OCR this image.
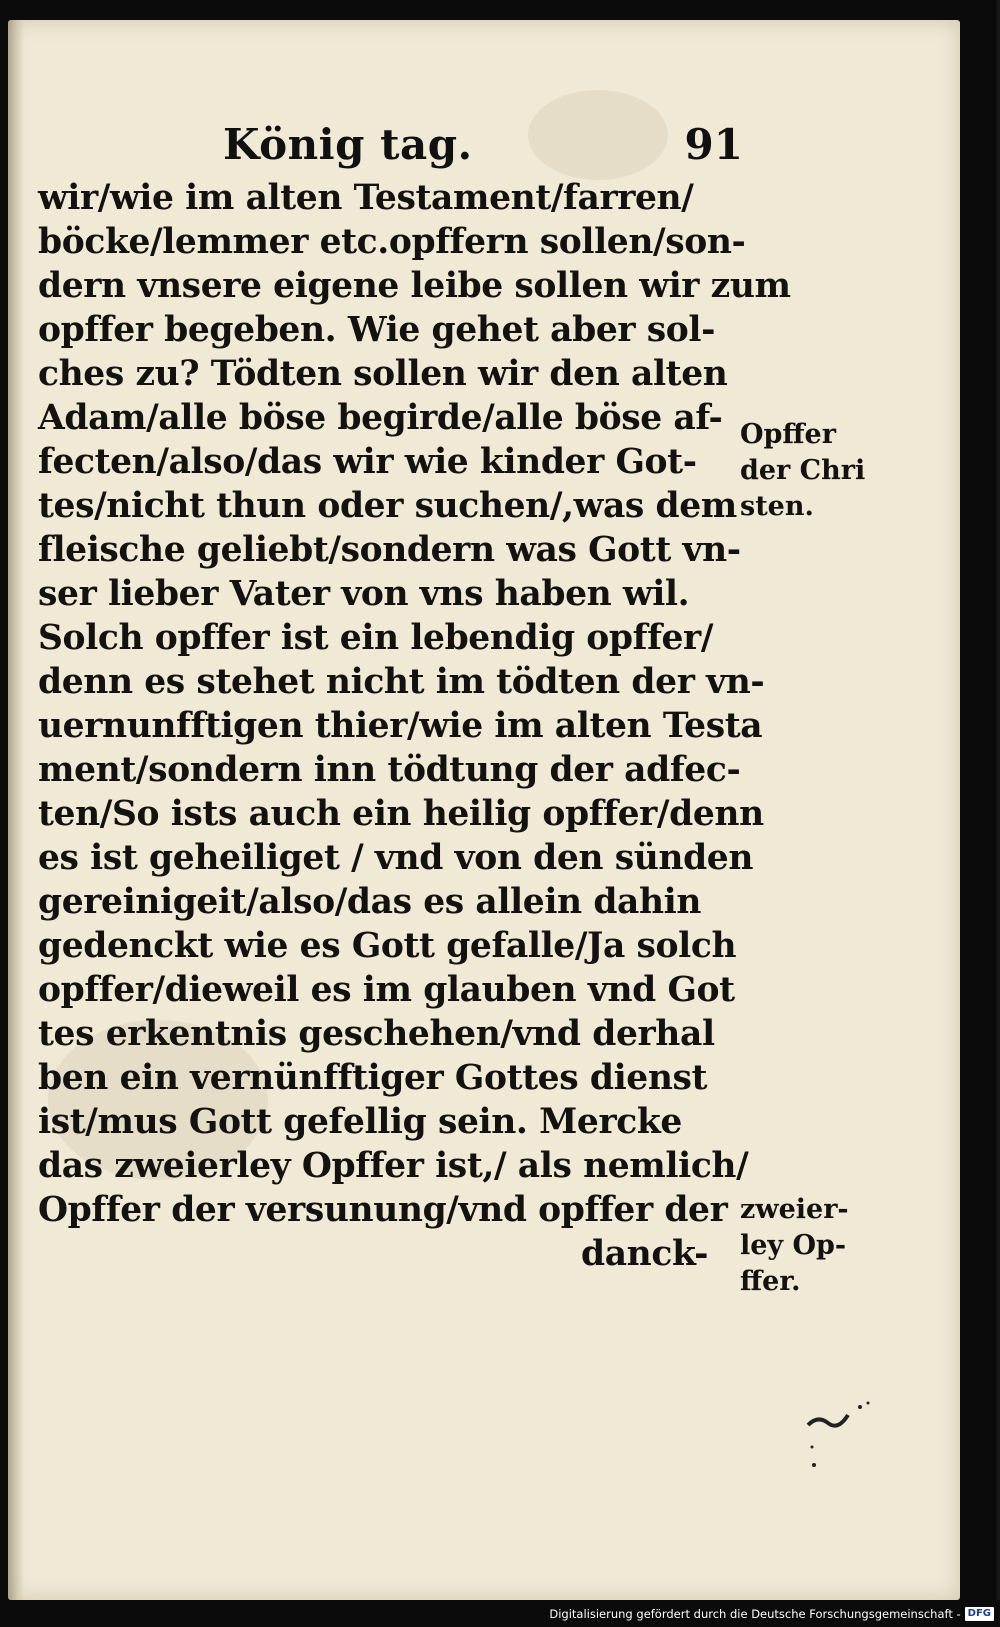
König tag.	91
wir/wie im alten Testament/farren/
böcke/lemmer etc.opffern sollen/son-
dern vnsere eigene leibe sollen wir zum
opffer begeben. Wie gehet aber sol-
ches zu? Tödten sollen wir den alten
Adam/alle böse begirde/alle böse af-
fecten/also/das wir wie kinder Got-
tes/nicht thun oder suchen/,was dem
fleische geliebt/sondern was Gott vn-
ser lieber Vater von vns haben wil.
Solch opffer ist ein lebendig opffer/
denn es stehet nicht im tödten der vn-
uernunfftigen thier/wie im alten Testa
ment/sondern inn tödtung der adfec-
ten/So ists auch ein heilig opffer/denn
es ist geheiliget / vnd von den sünden
gereinigeit/also/das es allein dahin
gedenckt wie es Gott gefalle/Ja solch
opffer/dieweil es im glauben vnd Got
tes erkentnis geschehen/vnd derhal
ben ein vernünfftiger Gottes dienst
ist/mus Gott gefellig sein. Mercke
das zweierley Opffer ist,/ als nemlich/
Opffer der versunung/vnd opffer der
danck-
Opffer
der Chri
sten.
zweier-
ley Op-
ffer.
Digitalisierung gefördert durch die Deutsche Forschungsgemeinschaft - DFG
